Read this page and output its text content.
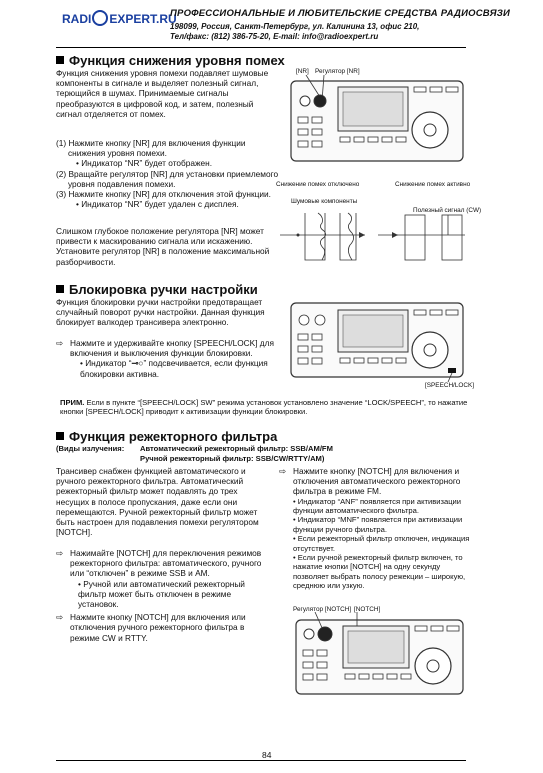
RADI EXPERT.RU
ПРОФЕССИОНАЛЬНЫЕ И ЛЮБИТЕЛЬСКИЕ СРЕДСТВА РАДИОСВЯЗИ
198099, Россия, Санкт-Петербург, ул. Калинина 13, офис 210,
Тел/факс: (812) 386-75-20, E-mail: info@radioexpert.ru
Функция снижения уровня помех
Функция снижения уровня помехи подавляет шумовые компоненты в сигнале и выделяет полезный сигнал, терющийся в шумах. Принимаемые сигналы преобразуются в цифровой код, и затем, полезный сигнал отделяется от помех.
(1) Нажмите кнопку [NR] для включения функции снижения уровня помехи.
• Индикатор “NR” будет отображен.
(2) Вращайте регулятор [NR] для установки приемлемого уровня подавления помехи.
(3) Нажмите кнопку [NR] для отключения этой функции.
• Индикатор “NR” будет удален с дисплея.
Слишком глубокое положение регулятора [NR] может привести к маскированию сигнала или искажению. Установите регулятор [NR] в положение максимальной разборчивости.
[NR] Регулятор [NR]
Снижение помех отключено	Снижение помех активно
Шумовые компоненты
Полезный сигнал (CW)
Блокировка ручки настройки
Функция блокировки ручки настройки предотвращает случайный поворот ручки настройки. Данная функция блокирует валкодер трансивера электронно.
⇨ Нажмите и удерживайте кнопку [SPEECH/LOCK] для включения и выключения функции блокировки.
• Индикатор “⊸○” подсвечивается, если функция блокировки активна.
ПРИМ. Если в пункте “[SPEECH/LOCK] SW” режима установок установлено значение “LOCK/SPEECH”, то нажатие кнопки [SPEECH/LOCK] приводит к активизации функции блокировки.
[SPEECH/LOCK]
Функция режекторного фильтра
(Виды излучения: Автоматический режекторный фильтр: SSB/AM/FM
Ручной режекторный фильтр: SSB/CW/RTTY/AM)
Трансивер снабжен функцией автоматического и ручного режекторного фильтра. Автоматический режекторный фильтр может подавлять до трех несущих в полосе пропускания, даже если они перемещаются. Ручной режекторный фильтр может быть настроен для подавления помехи регулятором [NOTCH].
⇨ Нажимайте [NOTCH] для переключения режимов режекторного фильтра: автоматического, ручного или “отключен” в режиме SSB и AM.
• Ручной или автоматический режекторный фильтр может быть отключен в режиме установок.
⇨ Нажмите кнопку [NOTCH] для включения или отключения ручного режекторного фильтра в режиме CW и RTTY.
⇨ Нажмите кнопку [NOTCH] для включения и отключения автоматического режекторного фильтра в режиме FM.
• Индикатор “ANF” появляется при активизации функции автоматического фильтра.
• Индикатор “MNF” появляется при активизации функции ручного фильтра.
• Если режекторный фильтр отключен, индикация отсутствует.
• Если ручной режекторный фильтр включен, то нажатие кнопки [NOTCH] на одну секунду позволяет выбрать полосу режекции – широкую, среднюю или узкую.
Регулятор [NOTCH] [NOTCH]
84
